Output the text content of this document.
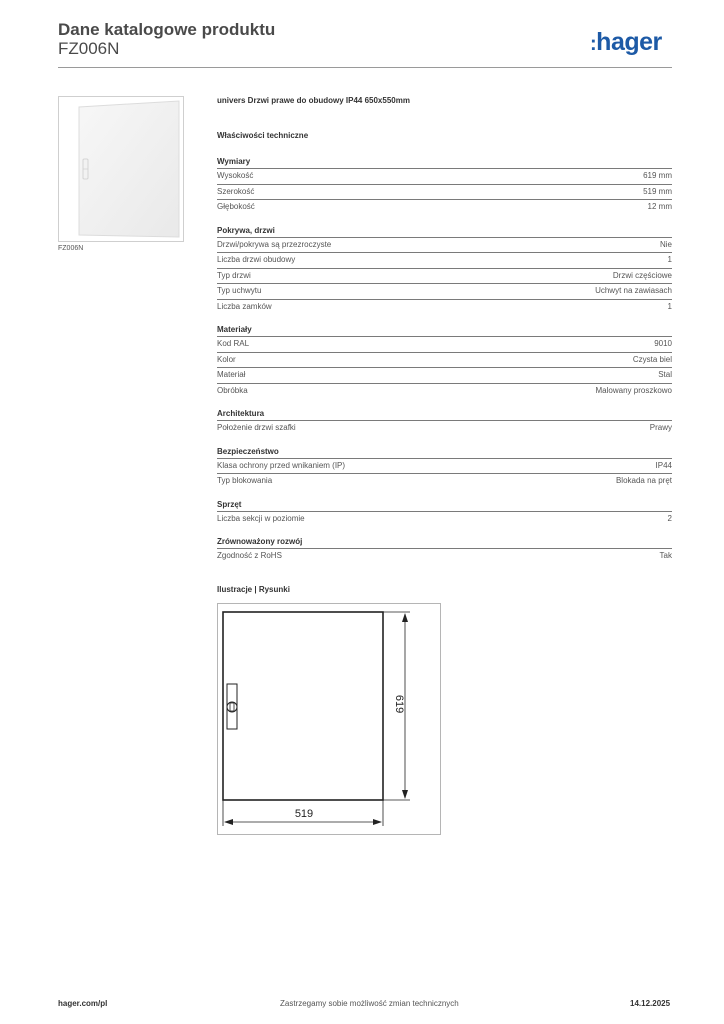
Dane katalogowe produktu
FZ006N	:hager
FZ006N
univers Drzwi prawe do obudowy IP44 650x550mm
Właściwości techniczne
Wymiary
Wysokość	619 mm
Szerokość	519 mm
Głębokość	12 mm
Pokrywa, drzwi
Drzwi/pokrywa są przezroczyste	Nie
Liczba drzwi obudowy	1
Typ drzwi	Drzwi częściowe
Typ uchwytu	Uchwyt na zawiasach
Liczba zamków	1
Materiały
Kod RAL	9010
Kolor	Czysta biel
Materiał	Stal
Obróbka	Malowany proszkowo
Architektura
Położenie drzwi szafki	Prawy
Bezpieczeństwo
Klasa ochrony przed wnikaniem (IP)	IP44
Typ blokowania	Blokada na pręt
Sprzęt
Liczba sekcji w poziomie	2
Zrównoważony rozwój
Zgodność z RoHS	Tak
Ilustracje | Rysunki
619
519
hager.com/pl	Zastrzegamy sobie możliwość zmian technicznych	14.12.2025
